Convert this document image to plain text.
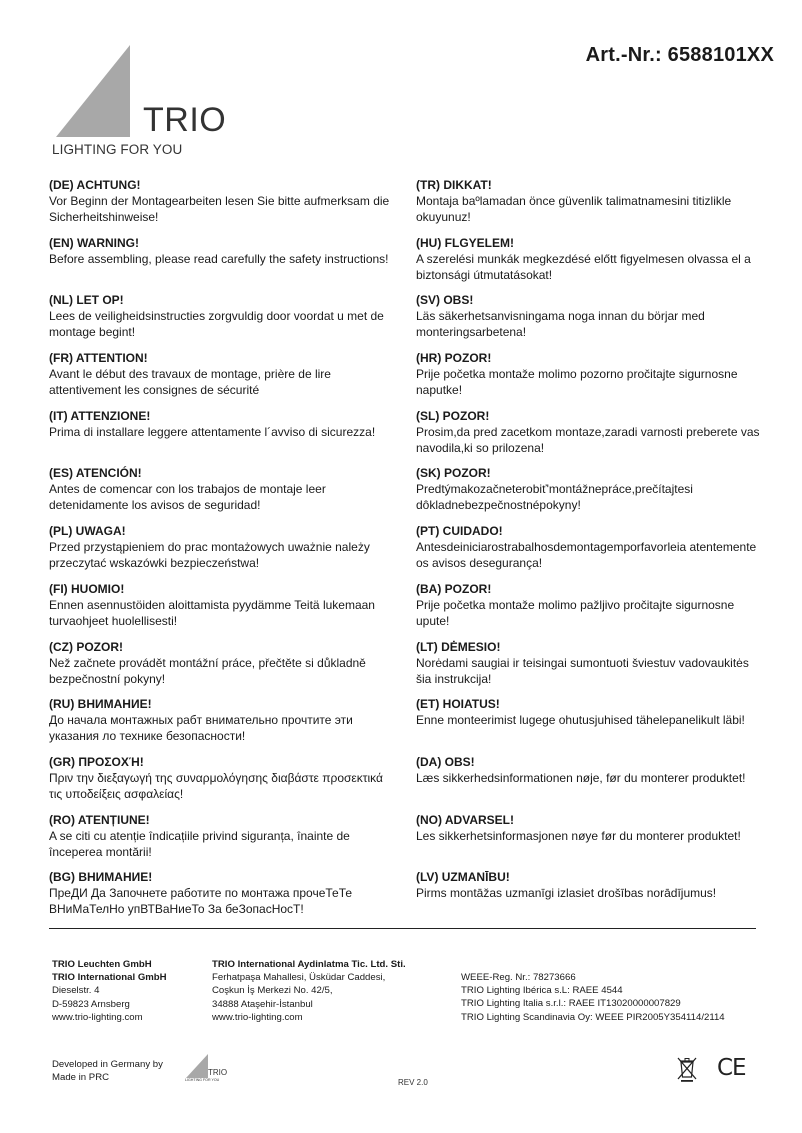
Art.-Nr.: 6588101XX
TRIO
LIGHTING FOR YOU
(DE) ACHTUNG!
Vor Beginn der Montagearbeiten lesen Sie bitte aufmerksam die Sicherheitshinweise!
(EN) WARNING!
Before assembling, please read carefully the safety instructions!
(NL) LET OP!
Lees de veiligheidsinstructies zorgvuldig door voordat u met de montage begint!
(FR) ATTENTION!
Avant le début des travaux de montage, prière de lire attentivement les consignes de sécurité
(IT) ATTENZIONE!
Prima di installare leggere attentamente l´avviso di sicurezza!
(ES) ATENCIÓN!
Antes de comencar con los trabajos de montaje leer detenidamente los avisos de seguridad!
(PL) UWAGA!
Przed przystąpieniem do prac montażowych uważnie należy przeczytać wskazówki bezpieczeństwa!
(FI) HUOMIO!
Ennen asennustöiden aloittamista pyydämme Teitä lukemaan turvaohjeet huolellisesti!
(CZ) POZOR!
Než začnete provádět montážní práce, přečtěte si důkladně bezpečnostní pokyny!
(RU) ВНИМАНИЕ!
До начала монтажных рабт внимательно прочтите эти указания ло технике безопасности!
(GR) ΠΡΟΣΟΧΉ!
Πριν την διεξαγωγή της συναρμολόγησης διαβάστε προσεκτικά τις υποδείξεις ασφαλείας!
(RO) ATENȚIUNE!
A se citi cu atenție îndicațiile privind siguranța, înainte de începerea montării!
(BG) ВНИМАНИЕ!
ПреДИ Да Започнете работите по монтажа прочеТеТе ВНиМаТелНо упВТВаНиеТо За беЗопасНосТ!
(TR) DIKKAT!
Montaja baºlamadan önce güvenlik talimatnamesini titizlikle okuyunuz!
(HU) FLGYELEM!
A szerelési munkák megkezdésé előtt figyelmesen olvassa el a biztonsági útmutatásokat!
(SV) OBS!
Läs säkerhetsanvisningama noga innan du börjar med monteringsarbetena!
(HR) POZOR!
Prije početka montaže molimo pozorno pročitajte sigurnosne naputke!
(SL) POZOR!
Prosim,da pred zacetkom montaze,zaradi varnosti preberete vas navodila,ki so prilozena!
(SK) POZOR!
Predtýmakozačneterobiť'montážnepráce,prečítajtesi dôkladnebezpečnostnépokyny!
(PT) CUIDADO!
Antesdeiniciarostrabalhosdemontagemporfavorleia atentemente os avisos desegurança!
(BA) POZOR!
Prije početka montaže molimo pažljivo pročitajte sigurnosne upute!
(LT) DĖMESIO!
Norėdami saugiai ir teisingai sumontuoti šviestuv vadovaukitės šia instrukcija!
(ET) HOIATUS!
Enne monteerimist lugege ohutusjuhised tähelepanelikult läbi!
(DA) OBS!
Læs sikkerhedsinformationen nøje, før du monterer produktet!
(NO) ADVARSEL!
Les sikkerhetsinformasjonen nøye før du monterer produktet!
(LV) UZMANĪBU!
Pirms montāžas uzmanīgi izlasiet drošības norādījumus!
TRIO Leuchten GmbH
TRIO International GmbH
Dieselstr. 4
D-59823 Arnsberg
www.trio-lighting.com
TRIO International Aydinlatma Tic. Ltd. Sti.
Ferhatpaşa Mahallesi, Üsküdar Caddesi,
Coşkun İş Merkezi No. 42/5,
34888 Ataşehir-İstanbul
www.trio-lighting.com
WEEE-Reg. Nr.: 78273666
TRIO Lighting Ibérica s.L: RAEE 4544
TRIO Lighting Italia s.r.l.: RAEE IT13020000007829
TRIO Lighting Scandinavia Oy: WEEE PIR2005Y354114/2114
Developed in Germany by
Made in PRC	TRIO
LIGHTING FOR YOU	REV 2.0
CE
